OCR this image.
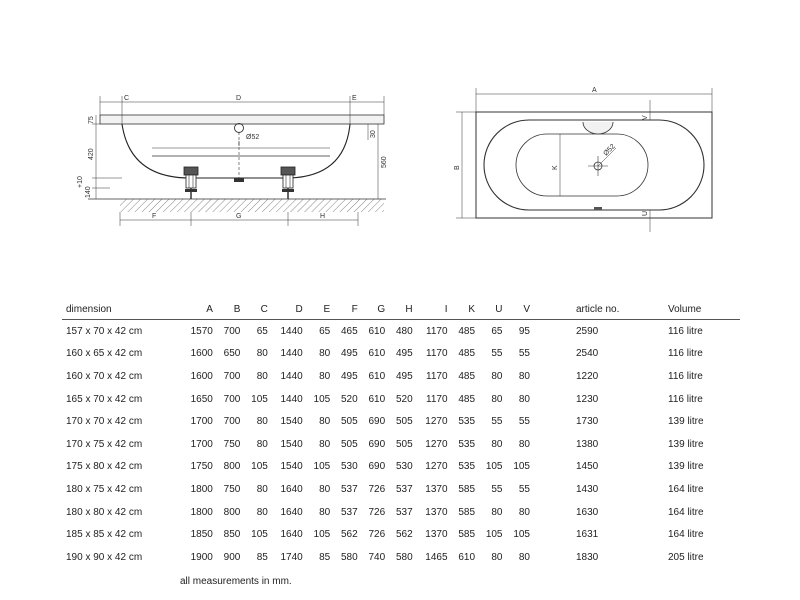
C	D	E
I
Ø52
F	G	H
75
420
+10
140
30
560
A
B	K
V
U
Ø52
dimension	A	B	C	D	E	F	G	H	I	K	U	V	article no.	Volume
157 x 70 x 42 cm	1570	700	65	1440	65	465	610	480	1170	485	65	95	2590	116 litre
160 x 65 x 42 cm	1600	650	80	1440	80	495	610	495	1170	485	55	55	2540	116 litre
160 x 70 x 42 cm	1600	700	80	1440	80	495	610	495	1170	485	80	80	1220	116 litre
165 x 70 x 42 cm	1650	700	105	1440	105	520	610	520	1170	485	80	80	1230	116 litre
170 x 70 x 42 cm	1700	700	80	1540	80	505	690	505	1270	535	55	55	1730	139 litre
170 x 75 x 42 cm	1700	750	80	1540	80	505	690	505	1270	535	80	80	1380	139 litre
175 x 80 x 42 cm	1750	800	105	1540	105	530	690	530	1270	535	105	105	1450	139 litre
180 x 75 x 42 cm	1800	750	80	1640	80	537	726	537	1370	585	55	55	1430	164 litre
180 x 80 x 42 cm	1800	800	80	1640	80	537	726	537	1370	585	80	80	1630	164 litre
185 x 85 x 42 cm	1850	850	105	1640	105	562	726	562	1370	585	105	105	1631	164 litre
190 x 90 x 42 cm	1900	900	85	1740	85	580	740	580	1465	610	80	80	1830	205 litre
all measurements in mm.
